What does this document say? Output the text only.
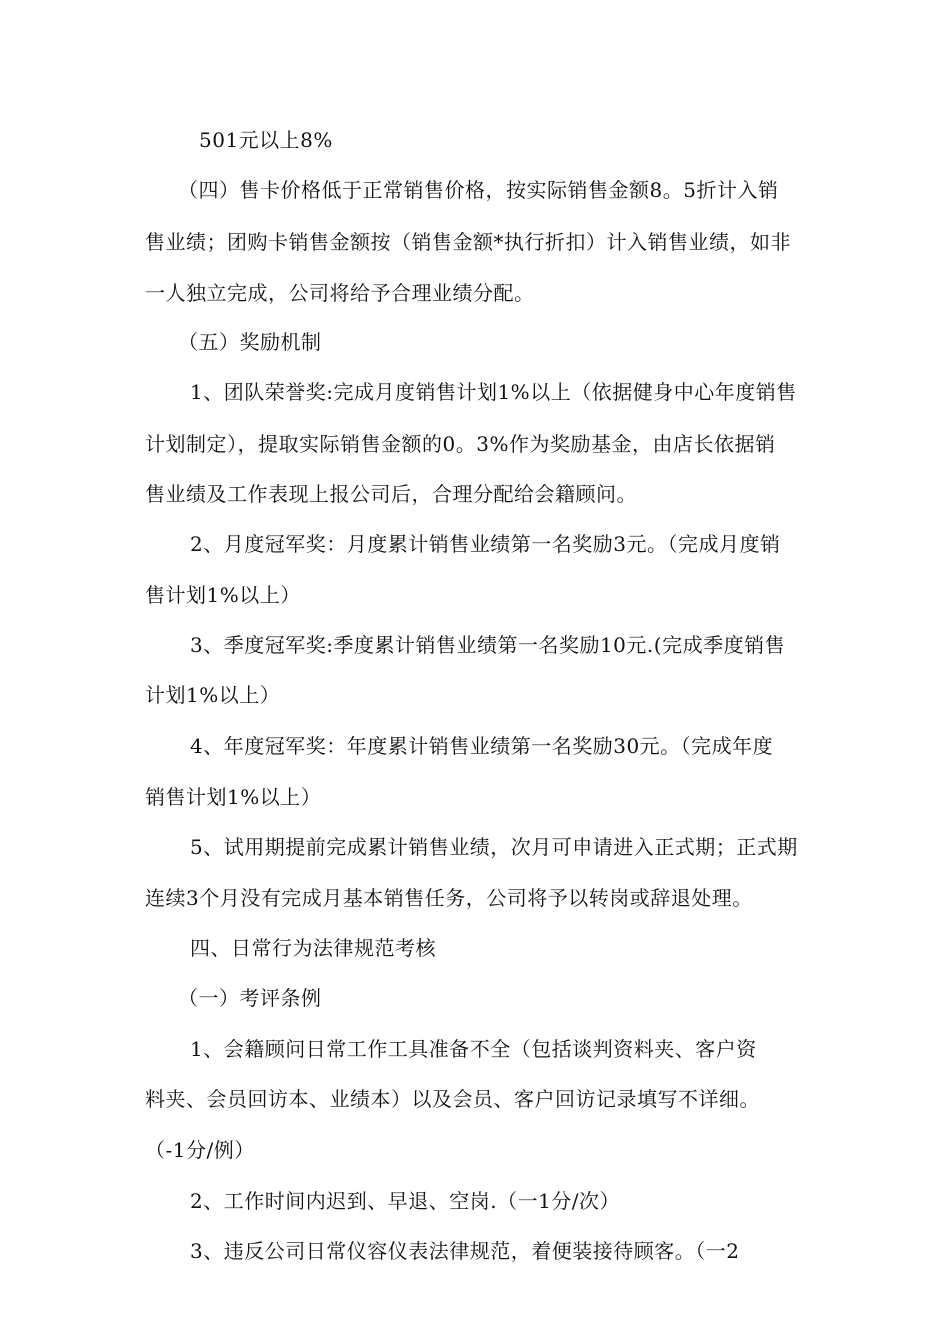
501元以上8%
（四）售卡价格低于正常销售价格，按实际销售金额8。5折计入销
售业绩；团购卡销售金额按（销售金额*执行折扣）计入销售业绩，如非
一人独立完成，公司将给予合理业绩分配。
（五）奖励机制
1、团队荣誉奖:完成月度销售计划1%以上（依据健身中心年度销售
计划制定），提取实际销售金额的0。3%作为奖励基金，由店长依据销
售业绩及工作表现上报公司后，合理分配给会籍顾问。
2、月度冠军奖：月度累计销售业绩第一名奖励3元。（完成月度销
售计划1%以上）
3、季度冠军奖:季度累计销售业绩第一名奖励10元.(完成季度销售
计划1%以上）
4、年度冠军奖：年度累计销售业绩第一名奖励30元。（完成年度
销售计划1%以上）
5、试用期提前完成累计销售业绩，次月可申请进入正式期；正式期
连续3个月没有完成月基本销售任务，公司将予以转岗或辞退处理。
四、日常行为法律规范考核
（一）考评条例
1、会籍顾问日常工作工具准备不全（包括谈判资料夹、客户资
料夹、会员回访本、业绩本）以及会员、客户回访记录填写不详细。
（-1分/例）
2、工作时间内迟到、早退、空岗.（一1分/次）
3、违反公司日常仪容仪表法律规范，着便装接待顾客。（一2
